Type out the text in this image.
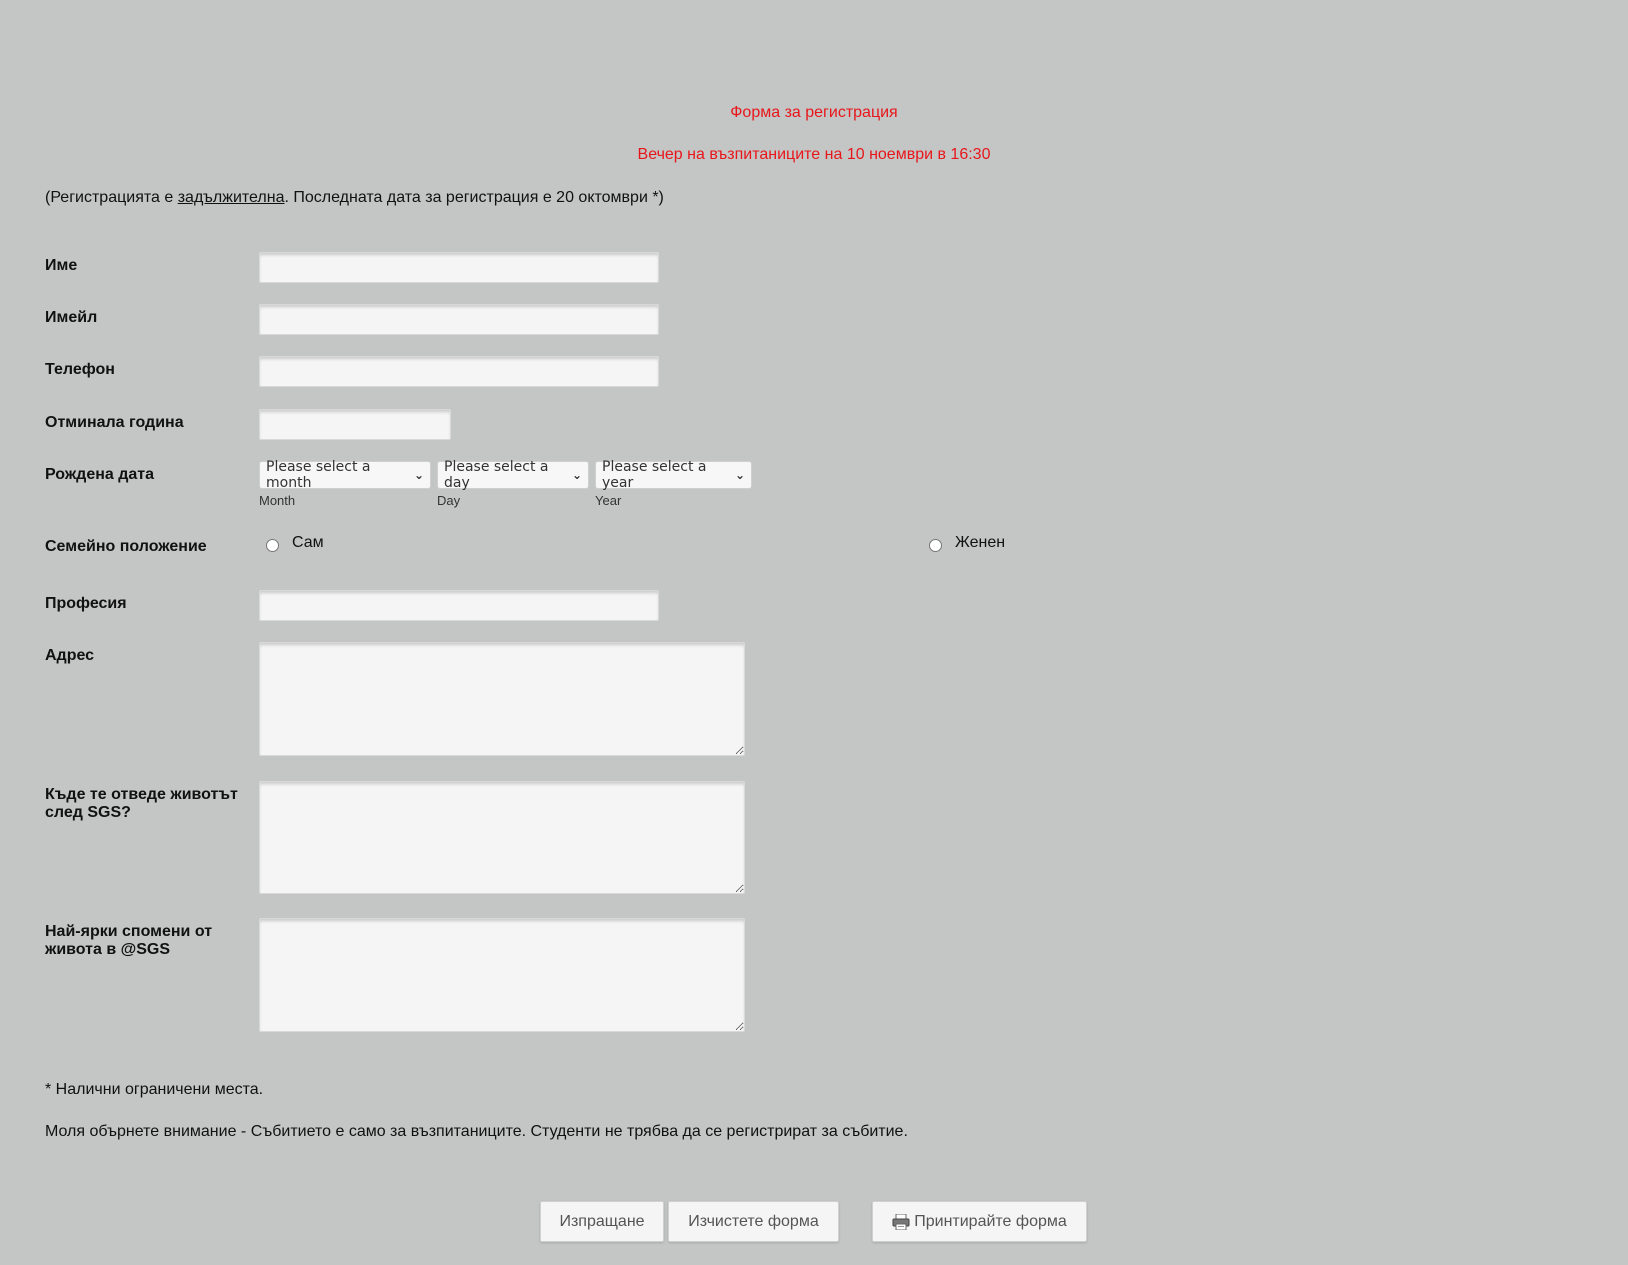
Форма за регистрация
Вечер на възпитаниците на 10 ноември в 16:30
(Регистрацията е задължителна. Последната дата за регистрация е 20 октомври *)
Име
Имейл
Телефон
Отминала година
Рождена дата	Please select a month	⌄ Please select a day	⌄ Please select a year	⌄
Month	Day	Year
Семейно положение	Сам	Женен
Професия
Адрес
Къде те отведе животът след SGS?
Най-ярки спомени от живота в @SGS
* Налични ограничени места.
Моля обърнете внимание - Събитието е само за възпитаниците. Студенти не трябва да се регистрират за събитие.
Изпращане	Изчистете форма	Принтирайте форма
